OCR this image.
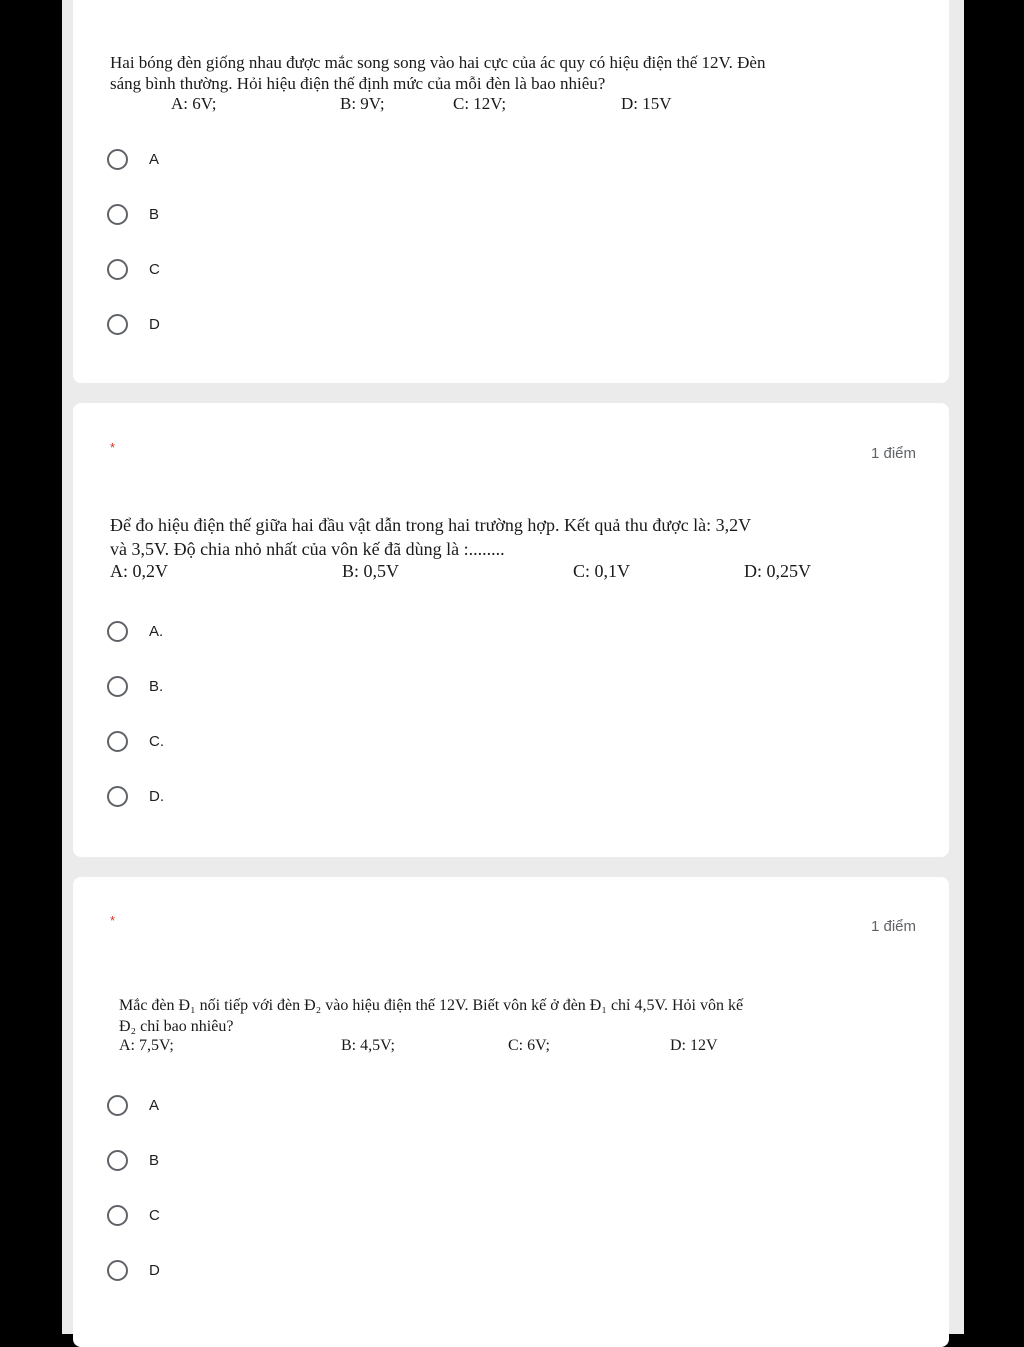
Hai bóng đèn giống nhau được mắc song song vào hai cực của ác quy có hiệu điện thế 12V. Đèn
sáng bình thường. Hỏi hiệu điện thế định mức của mỗi đèn là bao nhiêu?
A: 6V;	B: 9V;	C: 12V;	D: 15V
A
B
C
D
*	1 điểm
Để đo hiệu điện thế giữa hai đầu vật dẫn trong hai trường hợp. Kết quả thu được là: 3,2V
và 3,5V. Độ chia nhỏ nhất của vôn kế đã dùng là :........
A: 0,2V	B: 0,5V	C: 0,1V	D: 0,25V
A.
B.
C.
D.
*	1 điểm
Mắc đèn Đ₁ nối tiếp với đèn Đ₂ vào hiệu điện thế 12V. Biết vôn kế ở đèn Đ₁ chỉ 4,5V. Hỏi vôn kế
Đ₂ chỉ bao nhiêu?
A: 7,5V;	B: 4,5V;	C: 6V;	D: 12V
A
B
C
D
